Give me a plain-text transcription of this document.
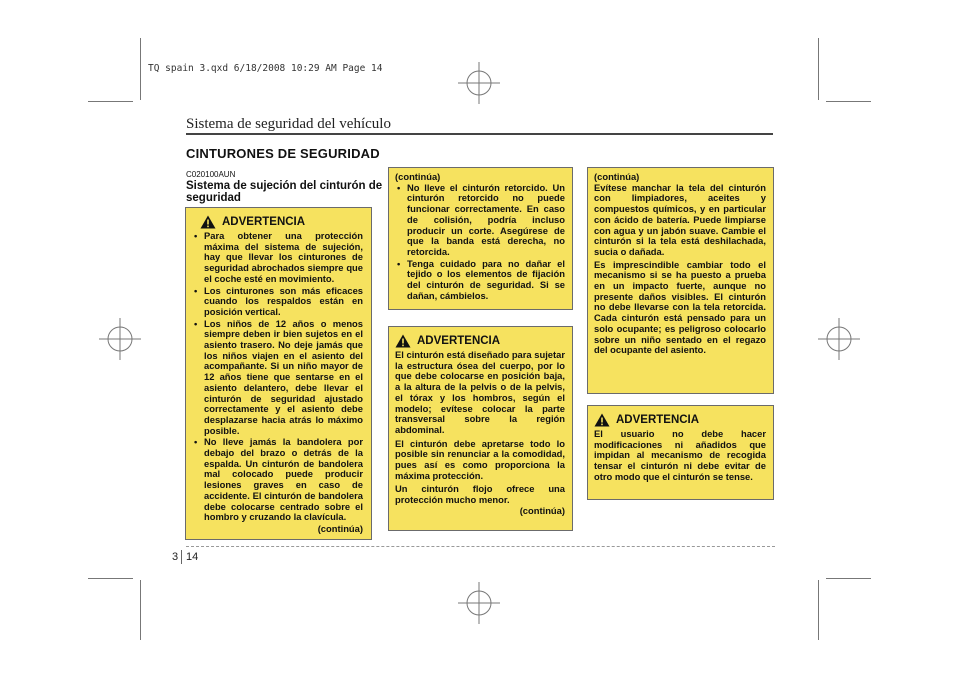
TQ spain 3.qxd 6/18/2008 10:29 AM Page 14
Sistema de seguridad del vehículo
CINTURONES DE SEGURIDAD
C020100AUN
Sistema de sujeción del cinturón de seguridad
ADVERTENCIA
• Para obtener una protección máxima del sistema de sujeción, hay que llevar los cinturones de seguridad abrochados siempre que el coche esté en movimiento.
• Los cinturones son más eficaces cuando los respaldos están en posición vertical.
• Los niños de 12 años o menos siempre deben ir bien sujetos en el asiento trasero. No deje jamás que los niños viajen en el asiento del acompañante. Si un niño mayor de 12 años tiene que sentarse en el asiento delantero, debe llevar el cinturón de seguridad ajustado correctamente y el asiento debe desplazarse hacia atrás lo máximo posible.
• No lleve jamás la bandolera por debajo del brazo o detrás de la espalda. Un cinturón de bandolera mal colocado puede producir lesiones graves en caso de accidente. El cinturón de bandolera debe colocarse centrado sobre el hombro y cruzando la clavícula.

(continúa)

(continúa)

• No lleve el cinturón retorcido. Un cinturón retorcido no puede funcionar correctamente. En caso de colisión, podría incluso producir un corte. Asegúrese de que la banda está derecha, no retorcida.
• Tenga cuidado para no dañar el tejido o los elementos de fijación del cinturón de seguridad. Si se dañan, cámbielos.
ADVERTENCIA

El cinturón está diseñado para sujetar la estructura ósea del cuerpo, por lo que debe colocarse en posición baja, a la altura de la pelvis o de la pelvis, el tórax y los hombros, según el modelo; evítese colocar la parte transversal sobre la región abdominal.

El cinturón debe apretarse todo lo posible sin renunciar a la comodidad, pues así es como proporciona la máxima protección.

Un cinturón flojo ofrece una protección mucho menor.

(continúa)

(continúa)

Evítese manchar la tela del cinturón con limpiadores, aceites y compuestos químicos, y en particular con ácido de batería. Puede limpiarse con agua y un jabón suave. Cambie el cinturón si la tela está deshilachada, sucia o dañada.

Es imprescindible cambiar todo el mecanismo si se ha puesto a prueba en un impacto fuerte, aunque no presente daños visibles. El cinturón no debe llevarse con la tela retorcida. Cada cinturón está pensado para un solo ocupante; es peligroso colocarlo sobre un niño sentado en el regazo del ocupante del asiento.

ADVERTENCIA

El usuario no debe hacer modificaciones ni añadidos que impidan al mecanismo de recogida tensar el cinturón ni debe evitar de otro modo que el cinturón se tense.

3 14
